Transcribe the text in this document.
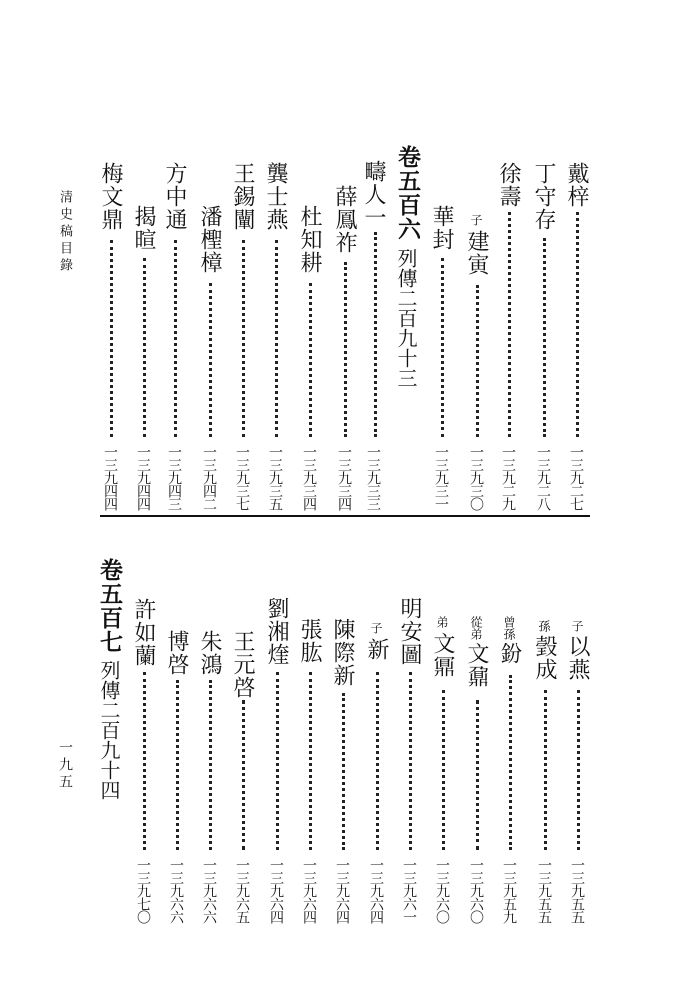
清史稿目錄
一九五
戴梓
一三九二七
丁守存
一三九二八
徐壽
一三九二九
子
建寅
一三九三〇
華封
一三九三一
卷五百六
列傳二百九十三
疇人一
一三九三三
薛鳳祚
一三九三四
杜知耕
一三九三四
龔士燕
一三九三五
王錫闡
一三九三七
潘檉樟
一三九四二
方中通
一三九四三
揭暄
一三九四四
梅文鼎
一三九四四
子
以燕
一三九五五
孫
瑴成
一三九五五
曾孫
鈖
一三九五九
從弟
文鼐
一三九六〇
弟
文鼏
一三九六〇
明安圖
一三九六一
子
新
一三九六四
陳際新
一三九六四
張肱
一三九六四
劉湘煃
一三九六四
王元啓
一三九六五
朱鴻
一三九六六
博啓
一三九六六
許如蘭
一三九七〇
卷五百七
列傳二百九十四
